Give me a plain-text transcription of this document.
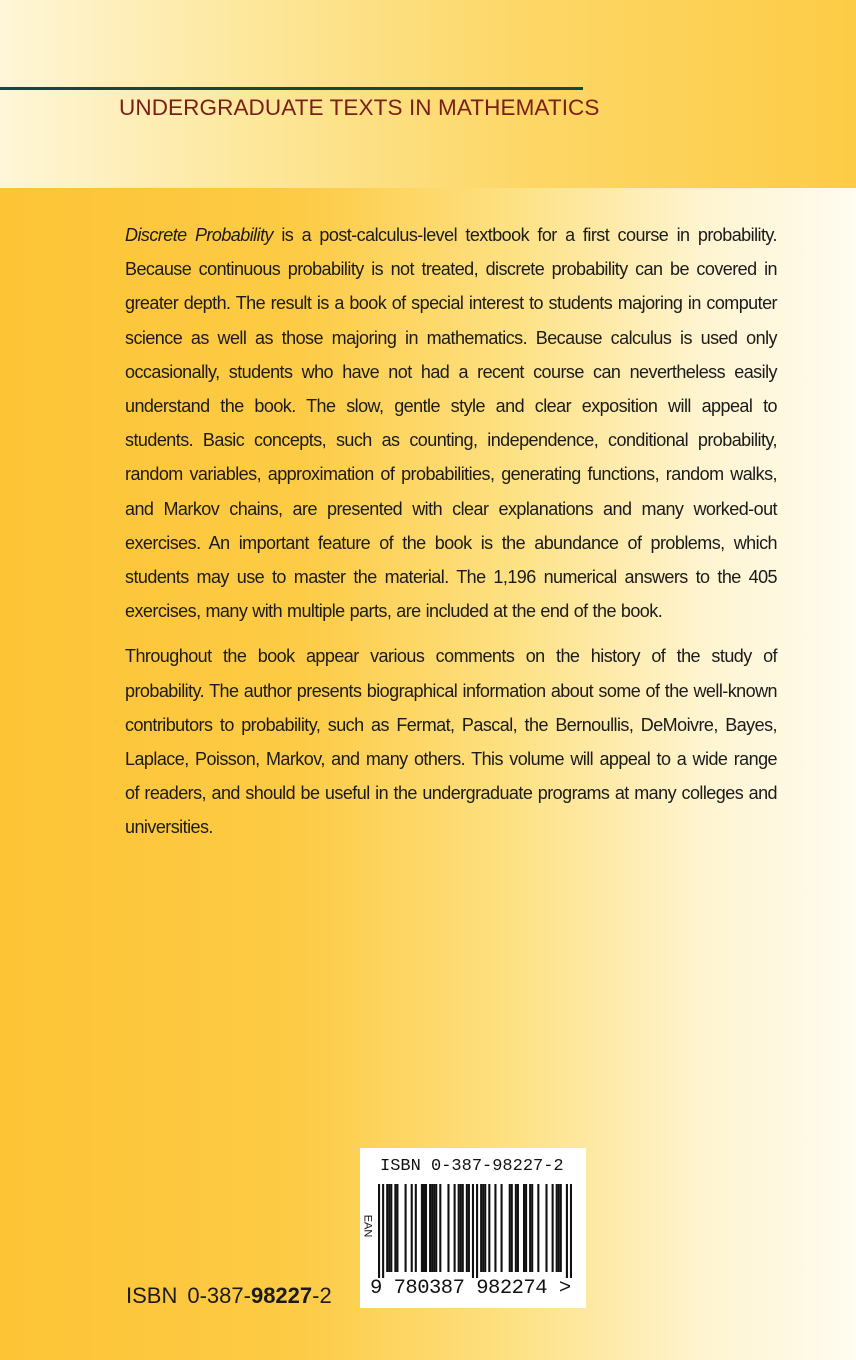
UNDERGRADUATE TEXTS IN MATHEMATICS

Discrete Probability is a post-calculus-level textbook for a first course in probability. Because continuous probability is not treated, discrete probability can be covered in greater depth. The result is a book of special interest to students majoring in computer science as well as those majoring in mathematics. Because calculus is used only occasionally, students who have not had a recent course can nevertheless easily understand the book. The slow, gentle style and clear exposition will appeal to students. Basic concepts, such as counting, independence, conditional probability, random variables, approximation of probabilities, generating functions, random walks, and Markov chains, are presented with clear explanations and many worked-out exercises. An important feature of the book is the abundance of problems, which students may use to master the material. The 1,196 numerical answers to the 405 exercises, many with multiple parts, are included at the end of the book.

Throughout the book appear various comments on the history of the study of probability. The author presents biographical information about some of the well-known contributors to probability, such as Fermat, Pascal, the Bernoullis, DeMoivre, Bayes, Laplace, Poisson, Markov, and many others. This volume will appeal to a wide range of readers, and should be useful in the undergraduate programs at many colleges and universities.

ISBN 0-387-98227-2
ISBN 0-387-98227-2
EAN
9 780387 982274 >
